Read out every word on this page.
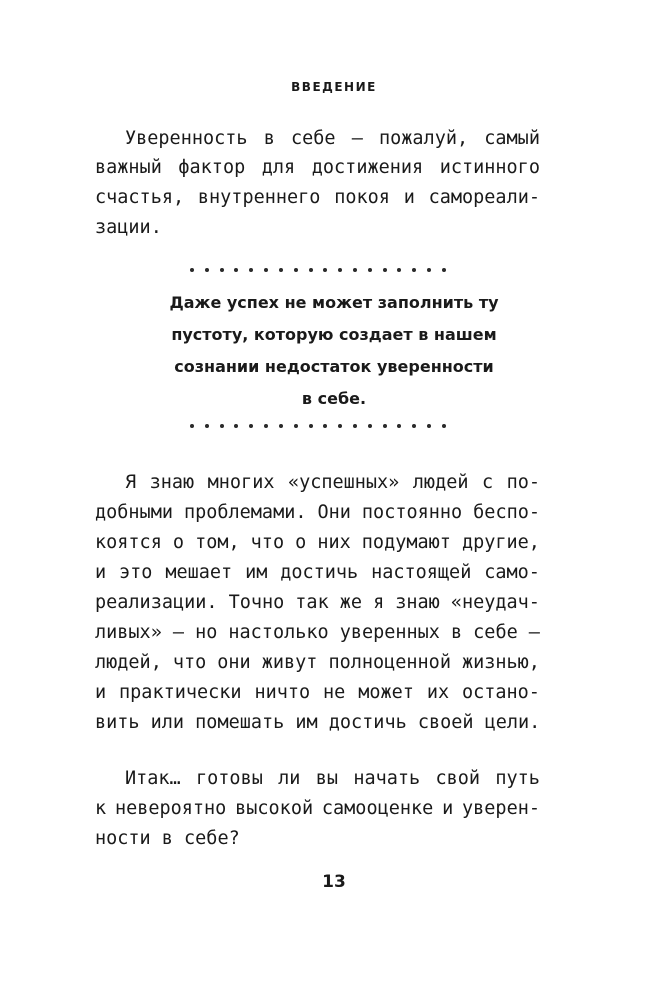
ВВЕДЕНИЕ
Уверенность в себе — пожалуй, самый
важный фактор для достижения истинного
счастья, внутреннего покоя и самореали-
зации.
Даже успех не может заполнить ту
пустоту, которую создает в нашем
сознании недостаток уверенности
в себе.
Я знаю многих «успешных» людей с по-
добными проблемами. Они постоянно беспо-
коятся о том, что о них подумают другие,
и это мешает им достичь настоящей само-
реализации. Точно так же я знаю «неудач-
ливых» — но настолько уверенных в себе —
людей, что они живут полноценной жизнью,
и практически ничто не может их останo-
вить или помешать им достичь своей цели.
Итак… готовы ли вы начать свой путь
к невероятно высокой самооценке и уверен-
ности в себе?
13
